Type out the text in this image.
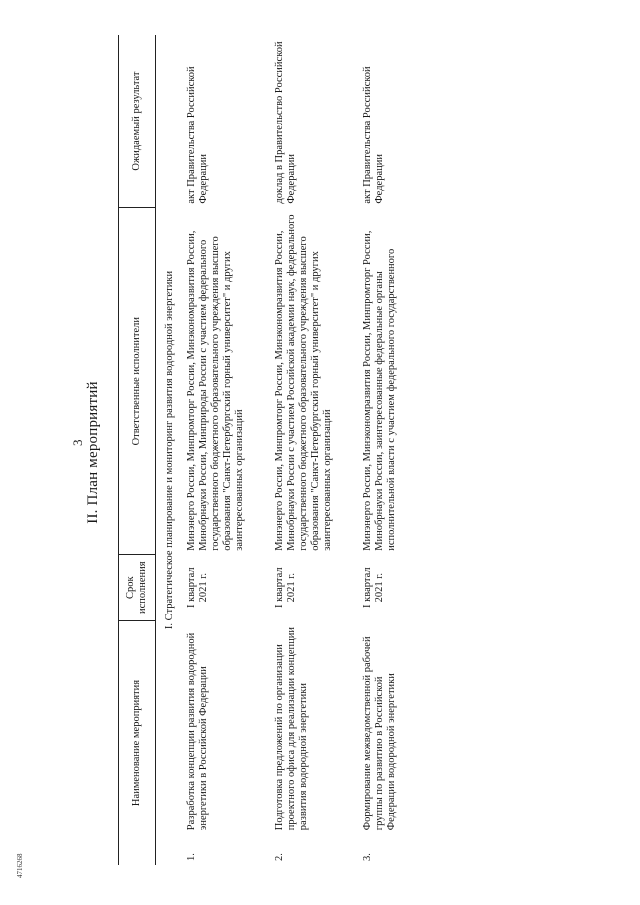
3
4716268
II. План мероприятий
Наименование мероприятия		Срок исполнения	Ответственные исполнители	Ожидаемый результат
I. Стратегическое планирование и мониторинг развития водородной энергетики				
1.	Разработка концепции развития водородной энергетики в Российской Федерации	I квартал 2021 г.	Минэнерго России, Минпромторг России, Минэкономразвития России, Минобрнауки России, Минприроды России с участием федерального государственного бюджетного образовательного учреждения высшего образования "Санкт-Петербургский горный университет" и других заинтересованных организаций	акт Правительства Российской Федерации
2.	Подготовка предложений по организации проектного офиса для реализации концепции развития водородной энергетики	I квартал 2021 г.	Минэнерго России, Минпромторг России, Минэкономразвития России, Минобрнауки России с участием Российской академии наук, федерального государственного бюджетного образовательного учреждения высшего образования "Санкт-Петербургский горный университет" и других заинтересованных организаций	доклад в Правительство Российской Федерации
3.	Формирование межведомственной рабочей группы по развитию в Российской Федерации водородной энергетики	I квартал 2021 г.	Минэнерго России, Минэкономразвития России, Минпромторг России, Минобрнауки России, заинтересованные федеральные органы исполнительной власти с участием федерального государственного	акт Правительства Российской Федерации
